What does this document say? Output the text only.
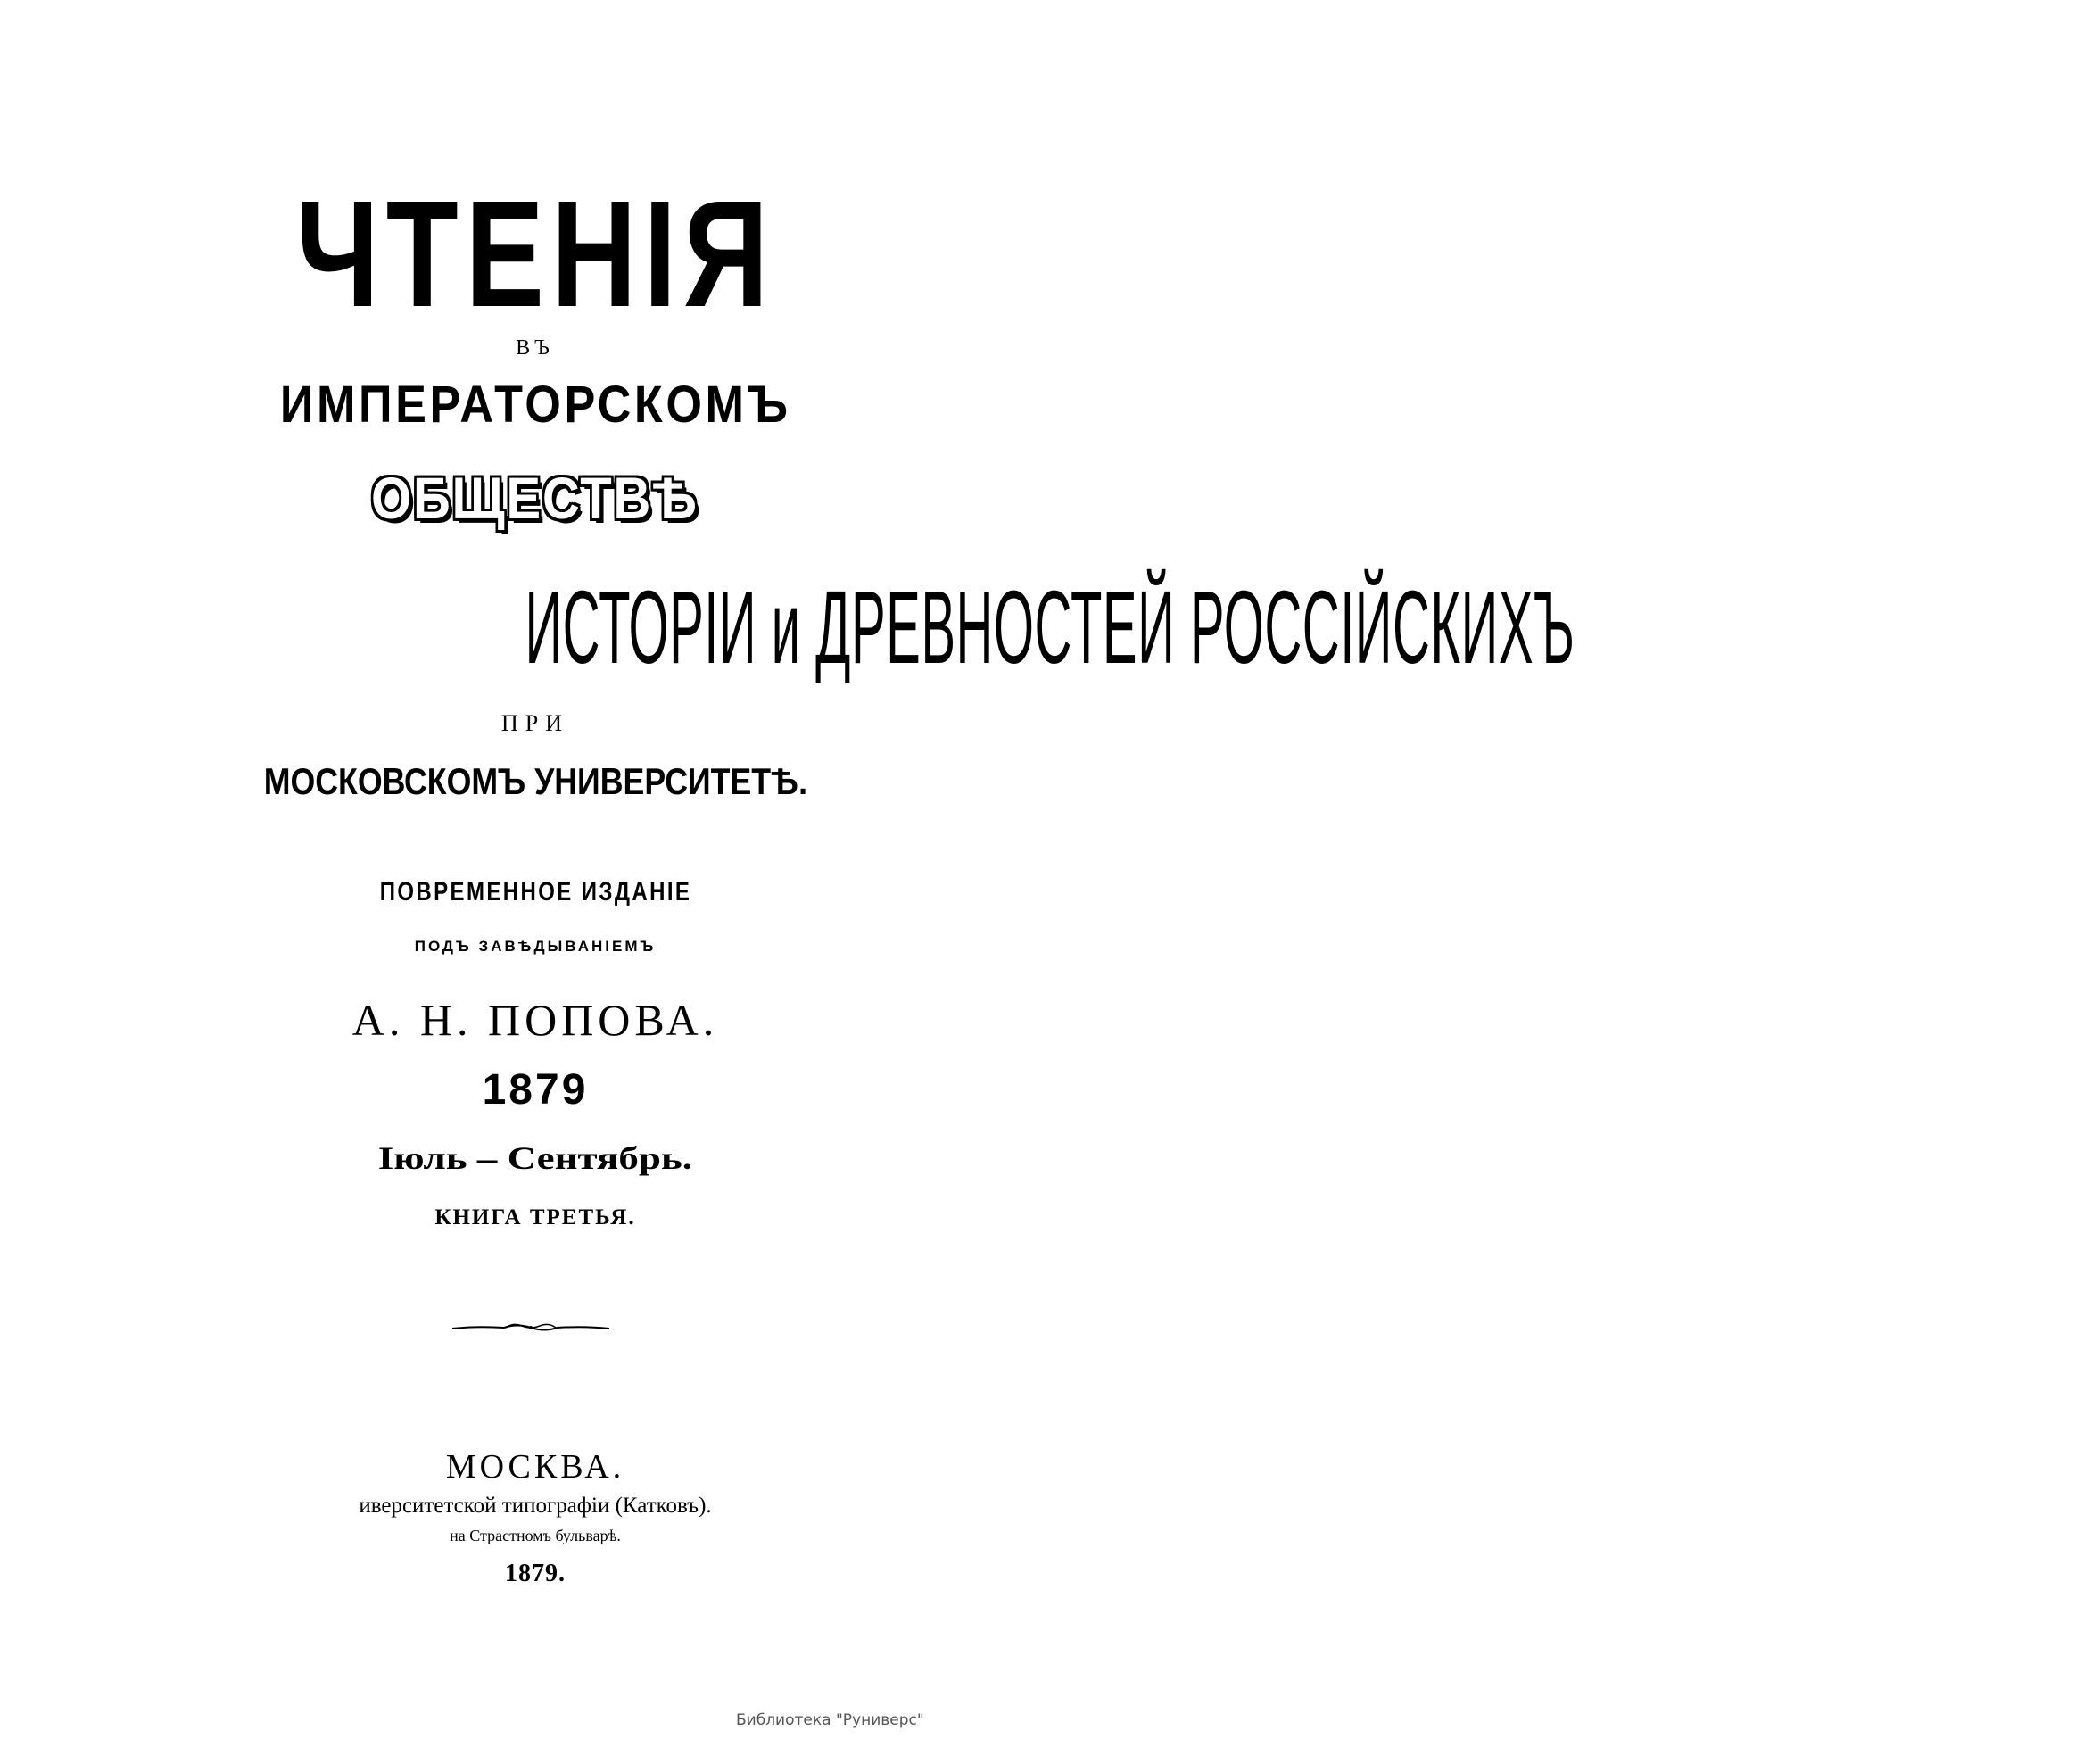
ЧТЕНІЯ
ВЪ
ИМПЕРАТОРСКОМЪ
ОБЩЕСТВѢ
ИСТОРІИ и ДРЕВНОСТЕЙ РОССІЙСКИХЪ
ПРИ
МОСКОВСКОМЪ УНИВЕРСИТЕТѢ.
ПОВРЕМЕННОЕ ИЗДАНІЕ
ПОДЪ ЗАВѢДЫВАНІЕМЪ
А. Н. ПОПОВА.
1879
Іюль – Сентябрь.
КНИГА ТРЕТЬЯ.
МОСКВА.
иверситетской типографіи (Катковъ).
на Страстномъ бульварѣ.
1879.
Библиотека "Руниверс"
